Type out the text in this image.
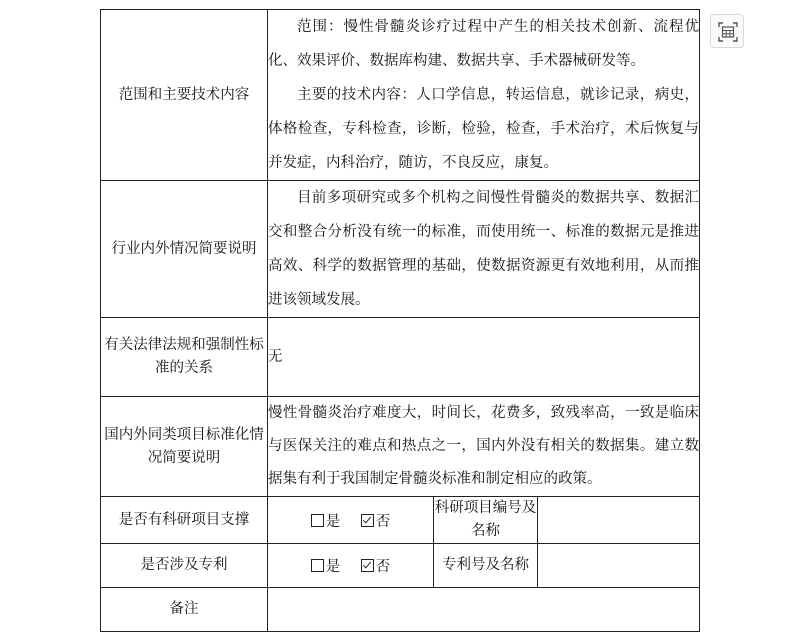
范围和主要技术内容	范围：慢性骨髓炎诊疗过程中产生的相关技术创新、流程优化、效果评价、数据库构建、数据共享、手术器械研发等。

主要的技术内容：人口学信息，转运信息，就诊记录，病史，体格检查，专科检查，诊断，检验，检查，手术治疗，术后恢复与并发症，内科治疗，随访，不良反应，康复。		

行业内外情况简要说明	目前多项研究或多个机构之间慢性骨髓炎的数据共享、数据汇交和整合分析没有统一的标准，而使用统一、标准的数据元是推进高效、科学的数据管理的基础，使数据资源更有效地利用，从而推进该领域发展。		

有关法律法规和强制性标准的关系	无		
国内外同类项目标准化情况简要说明	慢性骨髓炎治疗难度大，时间长，花费多，致残率高，一致是临床与医保关注的难点和热点之一，国内外没有相关的数据集。建立数据集有利于我国制定骨髓炎标准和制定相应的政策。		

是否有科研项目支撑	是 否	科研项目编号及名称	
是否涉及专利	是 否	专利号及名称	
备注			
